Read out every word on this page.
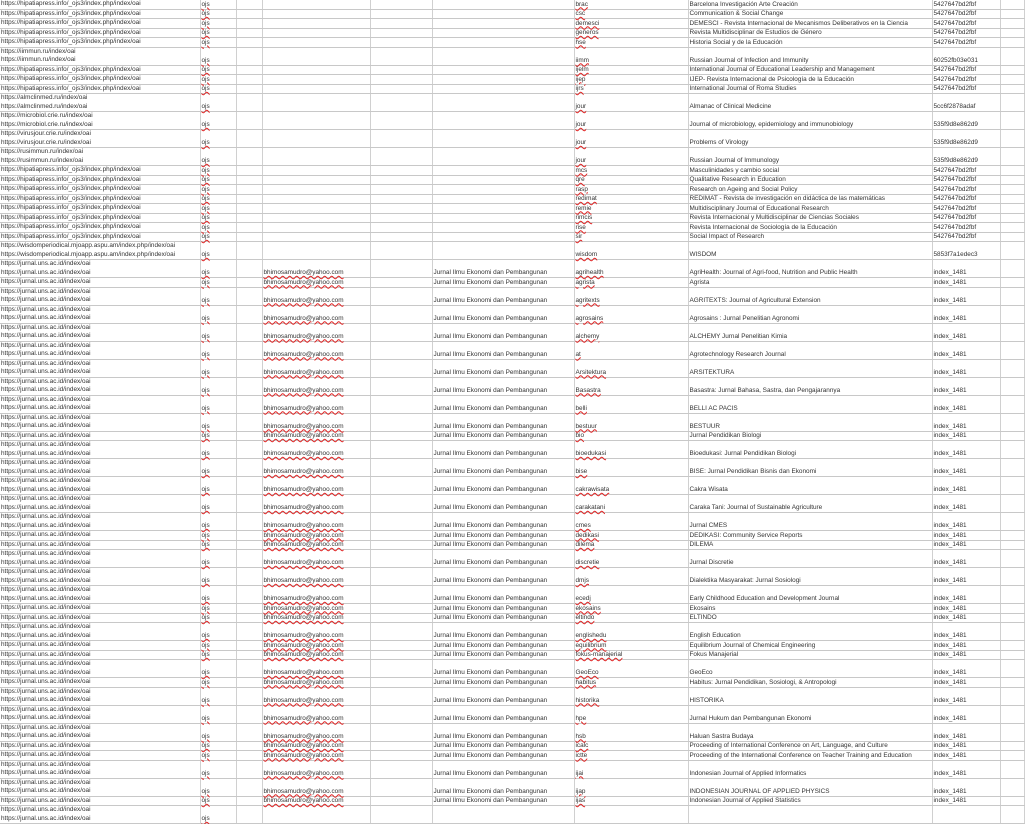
https://hipatiapress.info/_ojs3/index.php/index/oai	ojs					brac	Barcelona Investigación Arte Creación	5427647bd2fbf	

https://hipatiapress.info/_ojs3/index.php/index/oai	ojs					csc	Communication & Social Change	5427647bd2fbf	

https://hipatiapress.info/_ojs3/index.php/index/oai	ojs					demesci	DEMESCI - Revista Internacional de Mecanismos Deliberativos en la Ciencia	5427647bd2fbf	

https://hipatiapress.info/_ojs3/index.php/index/oai	ojs					generos	Revista Multidisciplinar de Estudios de Género	5427647bd2fbf	

https://hipatiapress.info/_ojs3/index.php/index/oai	ojs					hse	Historia Social y de la Educación	5427647bd2fbf	

https://iimmun.ru/index/oai
https://iimmun.ru/index/oai	ojs					iimm	Russian Journal of Infection and Immunity	60252fb03e031	

https://hipatiapress.info/_ojs3/index.php/index/oai	ojs					ijelm	International Journal of Educational Leadership and Management	5427647bd2fbf	

https://hipatiapress.info/_ojs3/index.php/index/oai	ojs					ijep	IJEP- Revista Internacional de Psicología de la Educación	5427647bd2fbf	

https://hipatiapress.info/_ojs3/index.php/index/oai	ojs					ijrs	International Journal of Roma Studies	5427647bd2fbf	

https://almclinmed.ru/index/oai
https://almclinmed.ru/index/oai	ojs					jour	Almanac of Clinical Medicine	5cc6f2878adaf	

https://microbiol.crie.ru/index/oai
https://microbiol.crie.ru/index/oai	ojs					jour	Journal of microbiology, epidemiology and immunobiology	535f9d8e862d9	

https://virusjour.crie.ru/index/oai
https://virusjour.crie.ru/index/oai	ojs					jour	Problems of Virology	535f9d8e862d9	

https://rusimmun.ru/index/oai
https://rusimmun.ru/index/oai	ojs					jour	Russian Journal of Immunology	535f9d8e862d9	

https://hipatiapress.info/_ojs3/index.php/index/oai	ojs					mcs	Masculinidades y cambio social	5427647bd2fbf	

https://hipatiapress.info/_ojs3/index.php/index/oai	ojs					qre	Qualitative Research in Education	5427647bd2fbf	

https://hipatiapress.info/_ojs3/index.php/index/oai	ojs					rasp	Research on Ageing and Social Policy	5427647bd2fbf	

https://hipatiapress.info/_ojs3/index.php/index/oai	ojs					redimat	REDIMAT - Revista de investigación en didáctica de las matemáticas	5427647bd2fbf	

https://hipatiapress.info/_ojs3/index.php/index/oai	ojs					remie	Multidisciplinary Journal of Educational Research	5427647bd2fbf	

https://hipatiapress.info/_ojs3/index.php/index/oai	ojs					rimcis	Revista Internacional y Multidisciplinar de Ciencias Sociales	5427647bd2fbf	

https://hipatiapress.info/_ojs3/index.php/index/oai	ojs					rise	Revista Internacional de Sociología de la Educación	5427647bd2fbf	

https://hipatiapress.info/_ojs3/index.php/index/oai	ojs					sir	Social Impact of Research	5427647bd2fbf	

https://wisdomperiodical.mjoapp.aspu.am/index.php/index/oai
https://wisdomperiodical.mjoapp.aspu.am/index.php/index/oai	ojs					wisdom	WISDOM	5853f7a1edec3	

https://jurnal.uns.ac.id/index/oai
https://jurnal.uns.ac.id/index/oai	ojs		bhimosamudro@yahoo.com		Jurnal Ilmu Ekonomi dan Pembangunan	agrihealth	AgriHealth: Journal of Agri-food, Nutrition and Public Health	index_1481	

https://jurnal.uns.ac.id/index/oai	ojs		bhimosamudro@yahoo.com		Jurnal Ilmu Ekonomi dan Pembangunan	agrista	Agrista	index_1481	

https://jurnal.uns.ac.id/index/oai
https://jurnal.uns.ac.id/index/oai	ojs		bhimosamudro@yahoo.com		Jurnal Ilmu Ekonomi dan Pembangunan	agritexts	AGRITEXTS: Journal of Agricultural Extension	index_1481	

https://jurnal.uns.ac.id/index/oai
https://jurnal.uns.ac.id/index/oai	ojs		bhimosamudro@yahoo.com		Jurnal Ilmu Ekonomi dan Pembangunan	agrosains	Agrosains : Jurnal Penelitian Agronomi	index_1481	

https://jurnal.uns.ac.id/index/oai
https://jurnal.uns.ac.id/index/oai	ojs		bhimosamudro@yahoo.com		Jurnal Ilmu Ekonomi dan Pembangunan	alchemy	ALCHEMY Jurnal Penelitian Kimia	index_1481	

https://jurnal.uns.ac.id/index/oai
https://jurnal.uns.ac.id/index/oai	ojs		bhimosamudro@yahoo.com		Jurnal Ilmu Ekonomi dan Pembangunan	at	Agrotechnology Research Journal	index_1481	

https://jurnal.uns.ac.id/index/oai
https://jurnal.uns.ac.id/index/oai	ojs		bhimosamudro@yahoo.com		Jurnal Ilmu Ekonomi dan Pembangunan	Arsitektura	ARSITEKTURA	index_1481	

https://jurnal.uns.ac.id/index/oai
https://jurnal.uns.ac.id/index/oai	ojs		bhimosamudro@yahoo.com		Jurnal Ilmu Ekonomi dan Pembangunan	Basastra	Basastra: Jurnal Bahasa, Sastra, dan Pengajarannya	index_1481	

https://jurnal.uns.ac.id/index/oai
https://jurnal.uns.ac.id/index/oai	ojs		bhimosamudro@yahoo.com		Jurnal Ilmu Ekonomi dan Pembangunan	belli	BELLI AC PACIS	index_1481	

https://jurnal.uns.ac.id/index/oai
https://jurnal.uns.ac.id/index/oai	ojs		bhimosamudro@yahoo.com		Jurnal Ilmu Ekonomi dan Pembangunan	bestuur	BESTUUR	index_1481	

https://jurnal.uns.ac.id/index/oai	ojs		bhimosamudro@yahoo.com		Jurnal Ilmu Ekonomi dan Pembangunan	bio	Jurnal Pendidikan Biologi	index_1481	

https://jurnal.uns.ac.id/index/oai
https://jurnal.uns.ac.id/index/oai	ojs		bhimosamudro@yahoo.com		Jurnal Ilmu Ekonomi dan Pembangunan	bioedukasi	Bioedukasi: Jurnal Pendidikan Biologi	index_1481	

https://jurnal.uns.ac.id/index/oai
https://jurnal.uns.ac.id/index/oai	ojs		bhimosamudro@yahoo.com		Jurnal Ilmu Ekonomi dan Pembangunan	bise	BISE: Jurnal Pendidikan Bisnis dan Ekonomi	index_1481	

https://jurnal.uns.ac.id/index/oai
https://jurnal.uns.ac.id/index/oai	ojs		bhimosamudro@yahoo.com		Jurnal Ilmu Ekonomi dan Pembangunan	cakrawisata	Cakra Wisata	index_1481	

https://jurnal.uns.ac.id/index/oai
https://jurnal.uns.ac.id/index/oai	ojs		bhimosamudro@yahoo.com		Jurnal Ilmu Ekonomi dan Pembangunan	carakatani	Caraka Tani: Journal of Sustainable Agriculture	index_1481	

https://jurnal.uns.ac.id/index/oai
https://jurnal.uns.ac.id/index/oai	ojs		bhimosamudro@yahoo.com		Jurnal Ilmu Ekonomi dan Pembangunan	cmes	Jurnal CMES	index_1481	

https://jurnal.uns.ac.id/index/oai	ojs		bhimosamudro@yahoo.com		Jurnal Ilmu Ekonomi dan Pembangunan	dedikasi	DEDIKASI: Community Service Reports	index_1481	

https://jurnal.uns.ac.id/index/oai	ojs		bhimosamudro@yahoo.com		Jurnal Ilmu Ekonomi dan Pembangunan	dilema	DILEMA	index_1481	

https://jurnal.uns.ac.id/index/oai
https://jurnal.uns.ac.id/index/oai	ojs		bhimosamudro@yahoo.com		Jurnal Ilmu Ekonomi dan Pembangunan	discretie	Jurnal Discretie	index_1481	

https://jurnal.uns.ac.id/index/oai
https://jurnal.uns.ac.id/index/oai	ojs		bhimosamudro@yahoo.com		Jurnal Ilmu Ekonomi dan Pembangunan	dmjs	Dialektika Masyarakat: Jurnal Sosiologi	index_1481	

https://jurnal.uns.ac.id/index/oai
https://jurnal.uns.ac.id/index/oai	ojs		bhimosamudro@yahoo.com		Jurnal Ilmu Ekonomi dan Pembangunan	ecedj	Early Childhood Education and Development Journal	index_1481	

https://jurnal.uns.ac.id/index/oai	ojs		bhimosamudro@yahoo.com		Jurnal Ilmu Ekonomi dan Pembangunan	ekosains	Ekosains	index_1481	

https://jurnal.uns.ac.id/index/oai	ojs		bhimosamudro@yahoo.com		Jurnal Ilmu Ekonomi dan Pembangunan	eltindo	ELTINDO	index_1481	

https://jurnal.uns.ac.id/index/oai
https://jurnal.uns.ac.id/index/oai	ojs		bhimosamudro@yahoo.com		Jurnal Ilmu Ekonomi dan Pembangunan	englishedu	English Education	index_1481	

https://jurnal.uns.ac.id/index/oai	ojs		bhimosamudro@yahoo.com		Jurnal Ilmu Ekonomi dan Pembangunan	equilibrium	Equilibrium Journal of Chemical Engineering	index_1481	

https://jurnal.uns.ac.id/index/oai	ojs		bhimosamudro@yahoo.com		Jurnal Ilmu Ekonomi dan Pembangunan	fokus-manajerial	Fokus Manajerial	index_1481	

https://jurnal.uns.ac.id/index/oai
https://jurnal.uns.ac.id/index/oai	ojs		bhimosamudro@yahoo.com		Jurnal Ilmu Ekonomi dan Pembangunan	GeoEco	GeoEco	index_1481	

https://jurnal.uns.ac.id/index/oai	ojs		bhimosamudro@yahoo.com		Jurnal Ilmu Ekonomi dan Pembangunan	habitus	Habitus: Jurnal Pendidikan, Sosiologi, & Antropologi	index_1481	

https://jurnal.uns.ac.id/index/oai
https://jurnal.uns.ac.id/index/oai	ojs		bhimosamudro@yahoo.com		Jurnal Ilmu Ekonomi dan Pembangunan	historika	HISTORIKA	index_1481	

https://jurnal.uns.ac.id/index/oai
https://jurnal.uns.ac.id/index/oai	ojs		bhimosamudro@yahoo.com		Jurnal Ilmu Ekonomi dan Pembangunan	hpe	Jurnal Hukum dan Pembangunan Ekonomi	index_1481	

https://jurnal.uns.ac.id/index/oai
https://jurnal.uns.ac.id/index/oai	ojs		bhimosamudro@yahoo.com		Jurnal Ilmu Ekonomi dan Pembangunan	hsb	Haluan Sastra Budaya	index_1481	

https://jurnal.uns.ac.id/index/oai	ojs		bhimosamudro@yahoo.com		Jurnal Ilmu Ekonomi dan Pembangunan	icalc	Proceeding of International Conference on Art, Language, and Culture	index_1481	

https://jurnal.uns.ac.id/index/oai	ojs		bhimosamudro@yahoo.com		Jurnal Ilmu Ekonomi dan Pembangunan	ictte	Proceeding of the International Conference on Teacher Training and Education	index_1481	

https://jurnal.uns.ac.id/index/oai
https://jurnal.uns.ac.id/index/oai	ojs		bhimosamudro@yahoo.com		Jurnal Ilmu Ekonomi dan Pembangunan	ijai	Indonesian Journal of Applied Informatics	index_1481	

https://jurnal.uns.ac.id/index/oai
https://jurnal.uns.ac.id/index/oai	ojs		bhimosamudro@yahoo.com		Jurnal Ilmu Ekonomi dan Pembangunan	ijap	INDONESIAN JOURNAL OF APPLIED PHYSICS	index_1481	

https://jurnal.uns.ac.id/index/oai	ojs		bhimosamudro@yahoo.com		Jurnal Ilmu Ekonomi dan Pembangunan	ijas	Indonesian Journal of Applied Statistics	index_1481	

https://jurnal.uns.ac.id/index/oai
https://jurnal.uns.ac.id/index/oai	ojs								
